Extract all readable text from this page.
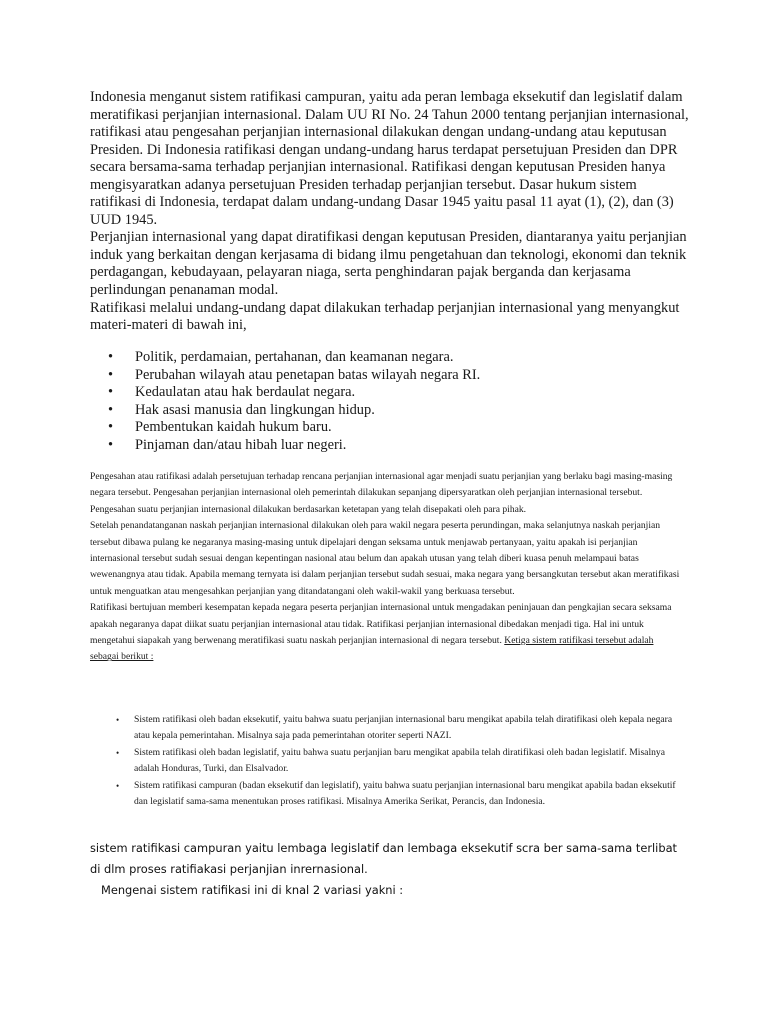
Indonesia menganut sistem ratifikasi campuran, yaitu ada peran lembaga eksekutif dan legislatif dalam meratifikasi perjanjian internasional. Dalam UU RI No. 24 Tahun 2000 tentang perjanjian internasional, ratifikasi atau pengesahan perjanjian internasional dilakukan dengan undang-undang atau keputusan Presiden. Di Indonesia ratifikasi dengan undang-undang harus terdapat persetujuan Presiden dan DPR secara bersama-sama terhadap perjanjian internasional. Ratifikasi dengan keputusan Presiden hanya mengisyaratkan adanya persetujuan Presiden terhadap perjanjian tersebut. Dasar hukum sistem ratifikasi di Indonesia, terdapat dalam undang-undang Dasar 1945 yaitu pasal 11 ayat (1), (2), dan (3) UUD 1945.

Perjanjian internasional yang dapat diratifikasi dengan keputusan Presiden, diantaranya yaitu perjanjian induk yang berkaitan dengan kerjasama di bidang ilmu pengetahuan dan teknologi, ekonomi dan teknik perdagangan, kebudayaan, pelayaran niaga, serta penghindaran pajak berganda dan kerjasama perlindungan penanaman modal.

Ratifikasi melalui undang-undang dapat dilakukan terhadap perjanjian internasional yang menyangkut materi-materi di bawah ini,

• Politik, perdamaian, pertahanan, dan keamanan negara.
• Perubahan wilayah atau penetapan batas wilayah negara RI.
• Kedaulatan atau hak berdaulat negara.
• Hak asasi manusia dan lingkungan hidup.
• Pembentukan kaidah hukum baru.
• Pinjaman dan/atau hibah luar negeri.

Pengesahan atau ratifikasi adalah persetujuan terhadap rencana perjanjian internasional agar menjadi suatu perjanjian yang berlaku bagi masing-masing negara tersebut. Pengesahan perjanjian internasional oleh pemerintah dilakukan sepanjang dipersyaratkan oleh perjanjian internasional tersebut. Pengesahan suatu perjanjian internasional dilakukan berdasarkan ketetapan yang telah disepakati oleh para pihak.

Setelah penandatanganan naskah perjanjian internasional dilakukan oleh para wakil negara peserta perundingan, maka selanjutnya naskah perjanjian tersebut dibawa pulang ke negaranya masing-masing untuk dipelajari dengan seksama untuk menjawab pertanyaan, yaitu apakah isi perjanjian internasional tersebut sudah sesuai dengan kepentingan nasional atau belum dan apakah utusan yang telah diberi kuasa penuh melampaui batas wewenangnya atau tidak. Apabila memang ternyata isi dalam perjanjian tersebut sudah sesuai, maka negara yang bersangkutan tersebut akan meratifikasi untuk menguatkan atau mengesahkan perjanjian yang ditandatangani oleh wakil-wakil yang berkuasa tersebut.

Ratifikasi bertujuan memberi kesempatan kepada negara peserta perjanjian internasional untuk mengadakan peninjauan dan pengkajian secara seksama apakah negaranya dapat diikat suatu perjanjian internasional atau tidak. Ratifikasi perjanjian internasional dibedakan menjadi tiga. Hal ini untuk mengetahui siapakah yang berwenang meratifikasi suatu naskah perjanjian internasional di negara tersebut. Ketiga sistem ratifikasi tersebut adalah sebagai berikut :

• Sistem ratifikasi oleh badan eksekutif, yaitu bahwa suatu perjanjian internasional baru mengikat apabila telah diratifikasi oleh kepala negara atau kepala pemerintahan. Misalnya saja pada pemerintahan otoriter seperti NAZI.
• Sistem ratifikasi oleh badan legislatif, yaitu bahwa suatu perjanjian baru mengikat apabila telah diratifikasi oleh badan legislatif. Misalnya adalah Honduras, Turki, dan Elsalvador.
• Sistem ratifikasi campuran (badan eksekutif dan legislatif), yaitu bahwa suatu perjanjian internasional baru mengikat apabila badan eksekutif dan legislatif sama-sama menentukan proses ratifikasi. Misalnya Amerika Serikat, Perancis, dan Indonesia.

sistem ratifikasi campuran yaitu lembaga legislatif dan lembaga eksekutif scra ber sama-sama terlibat di dlm proses ratifiakasi perjanjian inrernasional.

Mengenai sistem ratifikasi ini di knal 2 variasi yakni :
